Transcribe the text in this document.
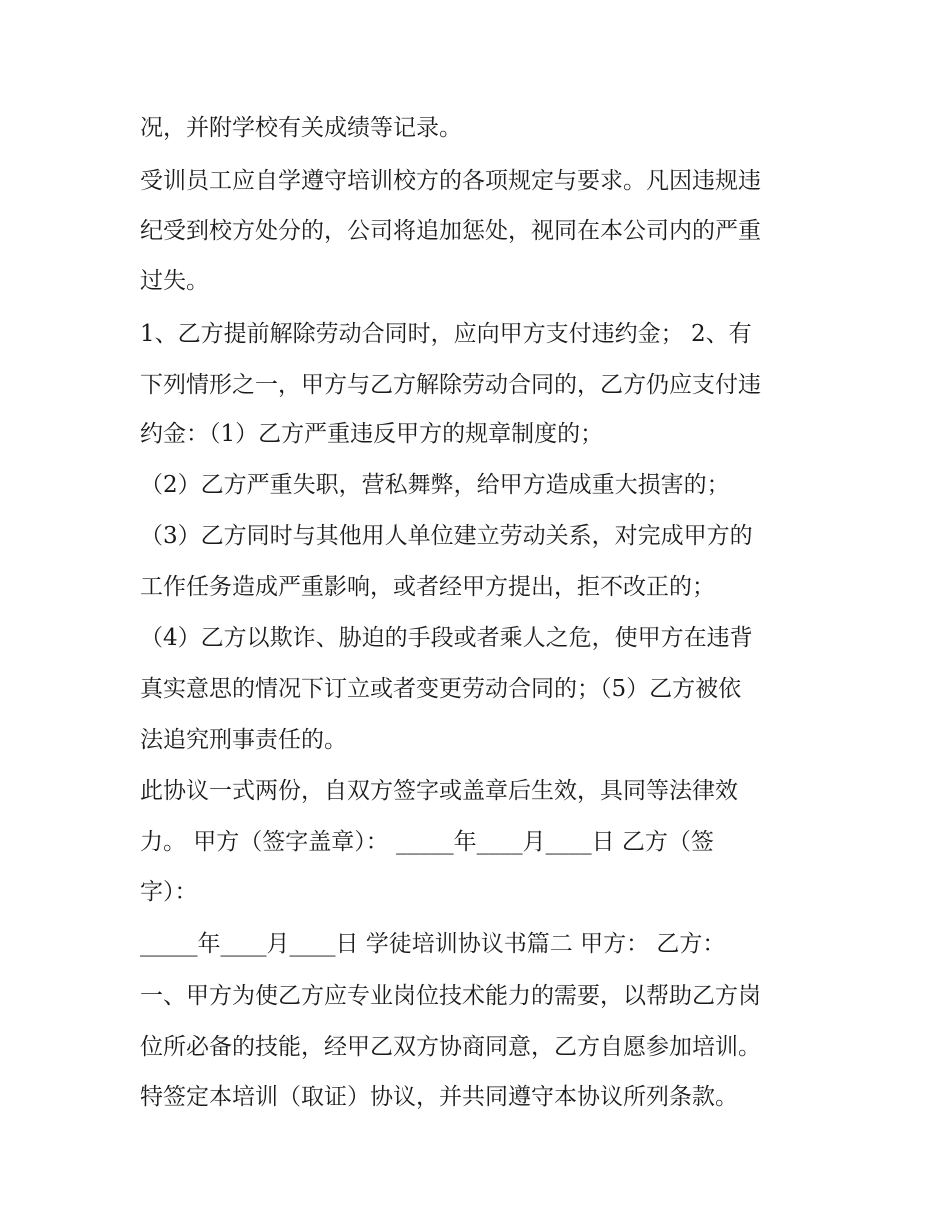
况，并附学校有关成绩等记录。
受训员工应自学遵守培训校方的各项规定与要求。凡因违规违
纪受到校方处分的，公司将追加惩处，视同在本公司内的严重
过失。
1、乙方提前解除劳动合同时，应向甲方支付违约金； 2、有
下列情形之一，甲方与乙方解除劳动合同的，乙方仍应支付违
约金：（1）乙方严重违反甲方的规章制度的；
（2）乙方严重失职，营私舞弊，给甲方造成重大损害的；
（3）乙方同时与其他用人单位建立劳动关系，对完成甲方的
工作任务造成严重影响，或者经甲方提出，拒不改正的；
（4）乙方以欺诈、胁迫的手段或者乘人之危，使甲方在违背
真实意思的情况下订立或者变更劳动合同的；（5）乙方被依
法追究刑事责任的。
此协议一式两份，自双方签字或盖章后生效，具同等法律效
力。 甲方（签字盖章）： _____年____月____日 乙方（签
字）：
_____年____月____日 学徒培训协议书篇二 甲方： 乙方：
一、甲方为使乙方应专业岗位技术能力的需要，以帮助乙方岗
位所必备的技能，经甲乙双方协商同意，乙方自愿参加培训。
特签定本培训（取证）协议，并共同遵守本协议所列条款。
